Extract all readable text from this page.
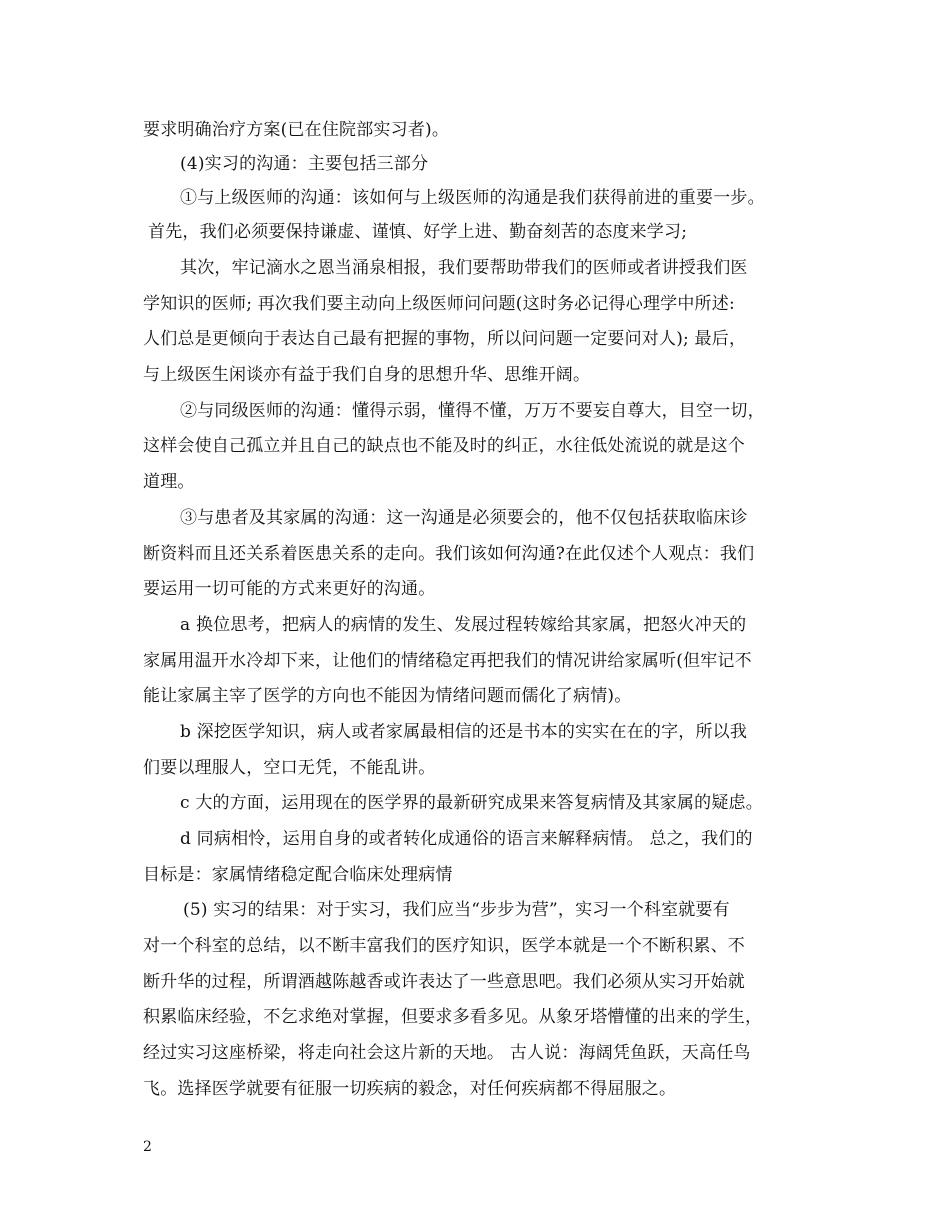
要求明确治疗方案(已在住院部实习者)。
(4)实习的沟通：主要包括三部分
①与上级医师的沟通：该如何与上级医师的沟通是我们获得前进的重要一步。
首先，我们必须要保持谦虚、谨慎、好学上进、勤奋刻苦的态度来学习;
其次，牢记滴水之恩当涌泉相报，我们要帮助带我们的医师或者讲授我们医
学知识的医师; 再次我们要主动向上级医师问问题(这时务必记得心理学中所述:
人们总是更倾向于表达自己最有把握的事物，所以问问题一定要问对人); 最后，
与上级医生闲谈亦有益于我们自身的思想升华、思维开阔。
②与同级医师的沟通：懂得示弱，懂得不懂，万万不要妄自尊大，目空一切，
这样会使自己孤立并且自己的缺点也不能及时的纠正，水往低处流说的就是这个
道理。
③与患者及其家属的沟通：这一沟通是必须要会的，他不仅包括获取临床诊
断资料而且还关系着医患关系的走向。我们该如何沟通?在此仅述个人观点：我们
要运用一切可能的方式来更好的沟通。
a 换位思考，把病人的病情的发生、发展过程转嫁给其家属，把怒火冲天的
家属用温开水冷却下来，让他们的情绪稳定再把我们的情况讲给家属听(但牢记不
能让家属主宰了医学的方向也不能因为情绪问题而儒化了病情)。
b 深挖医学知识，病人或者家属最相信的还是书本的实实在在的字，所以我
们要以理服人，空口无凭，不能乱讲。
c 大的方面，运用现在的医学界的最新研究成果来答复病情及其家属的疑虑。
d 同病相怜，运用自身的或者转化成通俗的语言来解释病情。 总之，我们的
目标是：家属情绪稳定配合临床处理病情
(5) 实习的结果：对于实习，我们应当“步步为营”，实习一个科室就要有
对一个科室的总结，以不断丰富我们的医疗知识，医学本就是一个不断积累、不
断升华的过程，所谓酒越陈越香或许表达了一些意思吧。我们必须从实习开始就
积累临床经验，不乞求绝对掌握，但要求多看多见。从象牙塔懵懂的出来的学生，
经过实习这座桥梁，将走向社会这片新的天地。 古人说：海阔凭鱼跃，天高任鸟
飞。选择医学就要有征服一切疾病的毅念，对任何疾病都不得屈服之。
2
